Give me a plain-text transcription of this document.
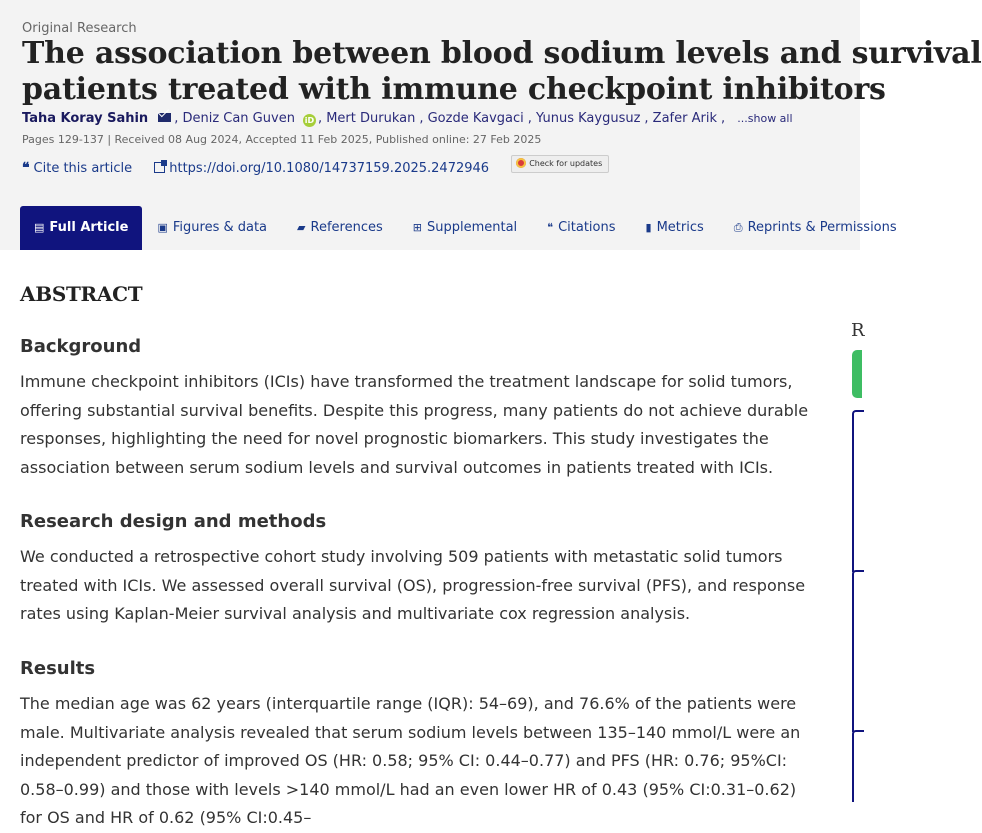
Original Research
The association between blood sodium levels and survival
patients treated with immune checkpoint inhibitors
Taha Koray Sahin , Deniz Can Guven iD , Mert Durukan , Gozde Kavgaci , Yunus Kaygusuz , Zafer Arik , ...show all
Pages 129-137 | Received 08 Aug 2024, Accepted 11 Feb 2025, Published online: 27 Feb 2025
❝ Cite this article	https://doi.org/10.1080/14737159.2025.2472946	Check for updates
▤ Full Article	▣ Figures & data	▰ References	⊞ Supplemental	❝ Citations	▮ Metrics	⎙ Reprints & Permissions
ABSTRACT
Background

Immune checkpoint inhibitors (ICIs) have transformed the treatment landscape for solid tumors, offering substantial survival benefits. Despite this progress, many patients do not achieve durable responses, highlighting the need for novel prognostic biomarkers. This study investigates the association between serum sodium levels and survival outcomes in patients treated with ICIs.

Research design and methods

We conducted a retrospective cohort study involving 509 patients with metastatic solid tumors treated with ICIs. We assessed overall survival (OS), progression-free survival (PFS), and response rates using Kaplan-Meier survival analysis and multivariate cox regression analysis.

Results

The median age was 62 years (interquartile range (IQR): 54–69), and 76.6% of the patients were male. Multivariate analysis revealed that serum sodium levels between 135–140 mmol/L were an independent predictor of improved OS (HR: 0.58; 95% CI: 0.44–0.77) and PFS (HR: 0.76; 95%CI: 0.58–0.99) and those with levels >140 mmol/L had an even lower HR of 0.43 (95% CI:0.31–0.62) for OS and HR of 0.62 (95% CI:0.45–

R
